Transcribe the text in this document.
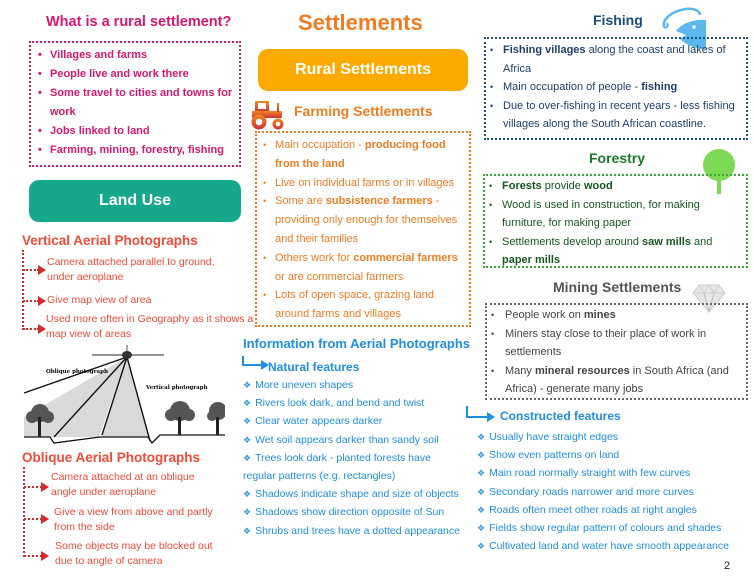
Settlements
What is a rural settlement?
• Villages and farms
• People live and work there
• Some travel to cities and towns for work
• Jobs linked to land
• Farming, mining, forestry, fishing
Rural Settlements
Land Use
Farming Settlements
• Main occupation - producing food from the land
• Live on individual farms or in villages
• Some are subsistence farmers - providing only enough for themselves and their families
• Others work for commercial farmers or are commercial farmers
• Lots of open space, grazing land around farms and villages
Fishing
• Fishing villages along the coast and lakes of Africa
• Main occupation of people - fishing
• Due to over-fishing in recent years - less fishing villages along the South African coastline.
Forestry
• Forests provide wood
• Wood is used in construction, for making furniture, for making paper
• Settlements develop around saw mills and paper mills
Mining Settlements
• People work on mines
• Miners stay close to their place of work in settlements
• Many mineral resources in South Africa (and Africa) - generate many jobs
Vertical Aerial Photographs
Camera attached parallel to ground, under aeroplane
Give map view of area
Used more often in Geography as it shows a map view of areas
Oblique photograph
Vertical photograph
Oblique Aerial Photographs
Camera attached at an oblique angle under aeroplane
Give a view from above and partly from the side
Some objects may be blocked out due to angle of camera
Information from Aerial Photographs
Natural features
❖ More uneven shapes
❖ Rivers look dark, and bend and twist
❖ Clear water appears darker
❖ Wet soil appears darker than sandy soil
❖ Trees look dark - planted forests have
regular patterns (e.g. rectangles)
❖ Shadows indicate shape and size of objects
❖ Shadows show direction opposite of Sun
❖ Shrubs and trees have a dotted appearance
Constructed features
❖ Usually have straight edges
❖ Show even patterns on land
❖ Main road normally straight with few curves
❖ Secondary roads narrower and more curves
❖ Roads often meet other roads at right angles
❖ Fields show regular pattern of colours and shades
❖ Cultivated land and water have smooth appearance
2
